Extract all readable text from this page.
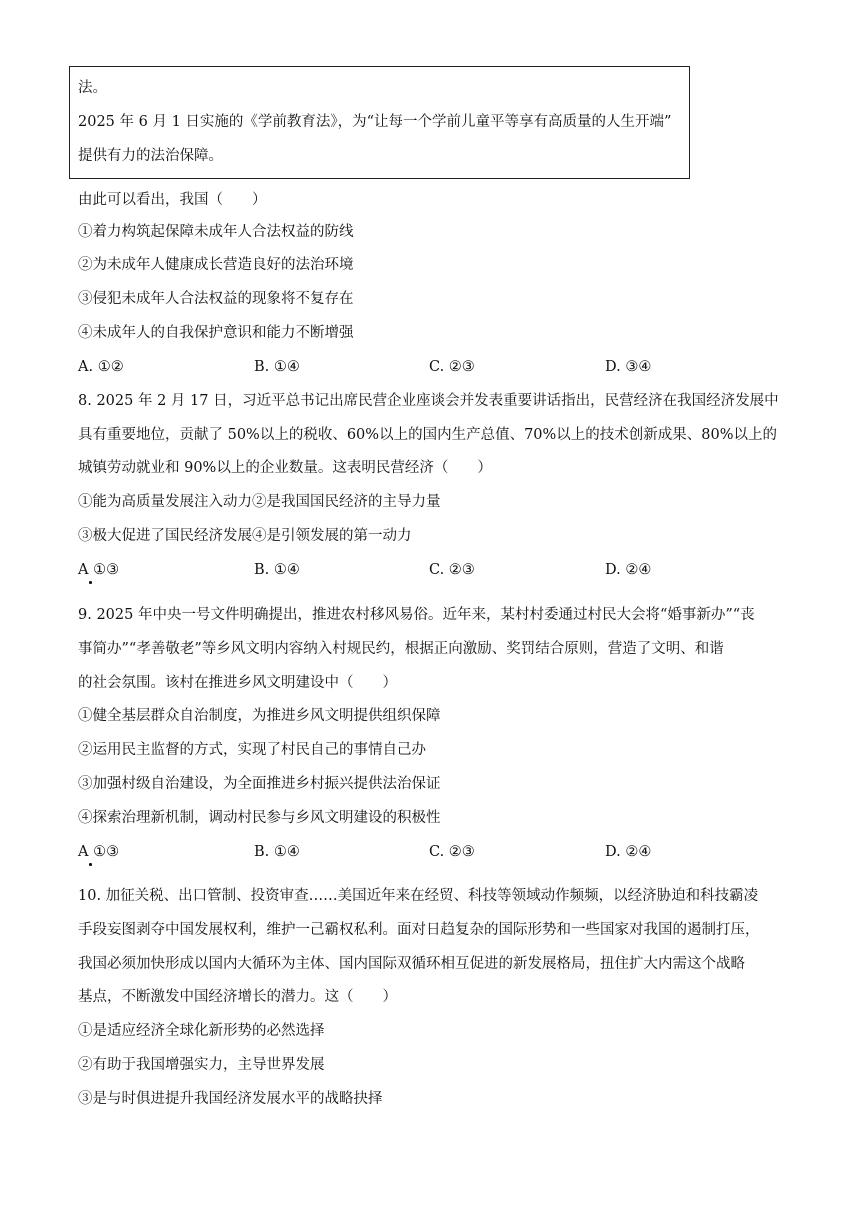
法。
2025 年 6 月 1 日实施的《学前教育法》，为“让每一个学前儿童平等享有高质量的人生开端”
提供有力的法治保障。
由此可以看出，我国（　　）
①着力构筑起保障未成年人合法权益的防线
②为未成年人健康成长营造良好的法治环境
③侵犯未成年人合法权益的现象将不复存在
④未成年人的自我保护意识和能力不断增强
A. ①②	B. ①④	C. ②③	D. ③④
8. 2025 年 2 月 17 日，习近平总书记出席民营企业座谈会并发表重要讲话指出，民营经济在我国经济发展中
具有重要地位，贡献了 50%以上的税收、60%以上的国内生产总值、70%以上的技术创新成果、80%以上的
城镇劳动就业和 90%以上的企业数量。这表明民营经济（　　）
①能为高质量发展注入动力②是我国国民经济的主导力量
③极大促进了国民经济发展④是引领发展的第一动力
A ①③	B. ①④	C. ②③	D. ②④
9. 2025 年中央一号文件明确提出，推进农村移风易俗。近年来，某村村委通过村民大会将“婚事新办”“丧
事简办”“孝善敬老”等乡风文明内容纳入村规民约，根据正向激励、奖罚结合原则，营造了文明、和谐
的社会氛围。该村在推进乡风文明建设中（　　）
①健全基层群众自治制度，为推进乡风文明提供组织保障
②运用民主监督的方式，实现了村民自己的事情自己办
③加强村级自治建设，为全面推进乡村振兴提供法治保证
④探索治理新机制，调动村民参与乡风文明建设的积极性
A ①③	B. ①④	C. ②③	D. ②④
10. 加征关税、出口管制、投资审查……美国近年来在经贸、科技等领域动作频频，以经济胁迫和科技霸凌
手段妄图剥夺中国发展权利，维护一己霸权私利。面对日趋复杂的国际形势和一些国家对我国的遏制打压，
我国必须加快形成以国内大循环为主体、国内国际双循环相互促进的新发展格局，扭住扩大内需这个战略
基点，不断激发中国经济增长的潜力。这（　　）
①是适应经济全球化新形势的必然选择
②有助于我国增强实力，主导世界发展
③是与时俱进提升我国经济发展水平的战略抉择
